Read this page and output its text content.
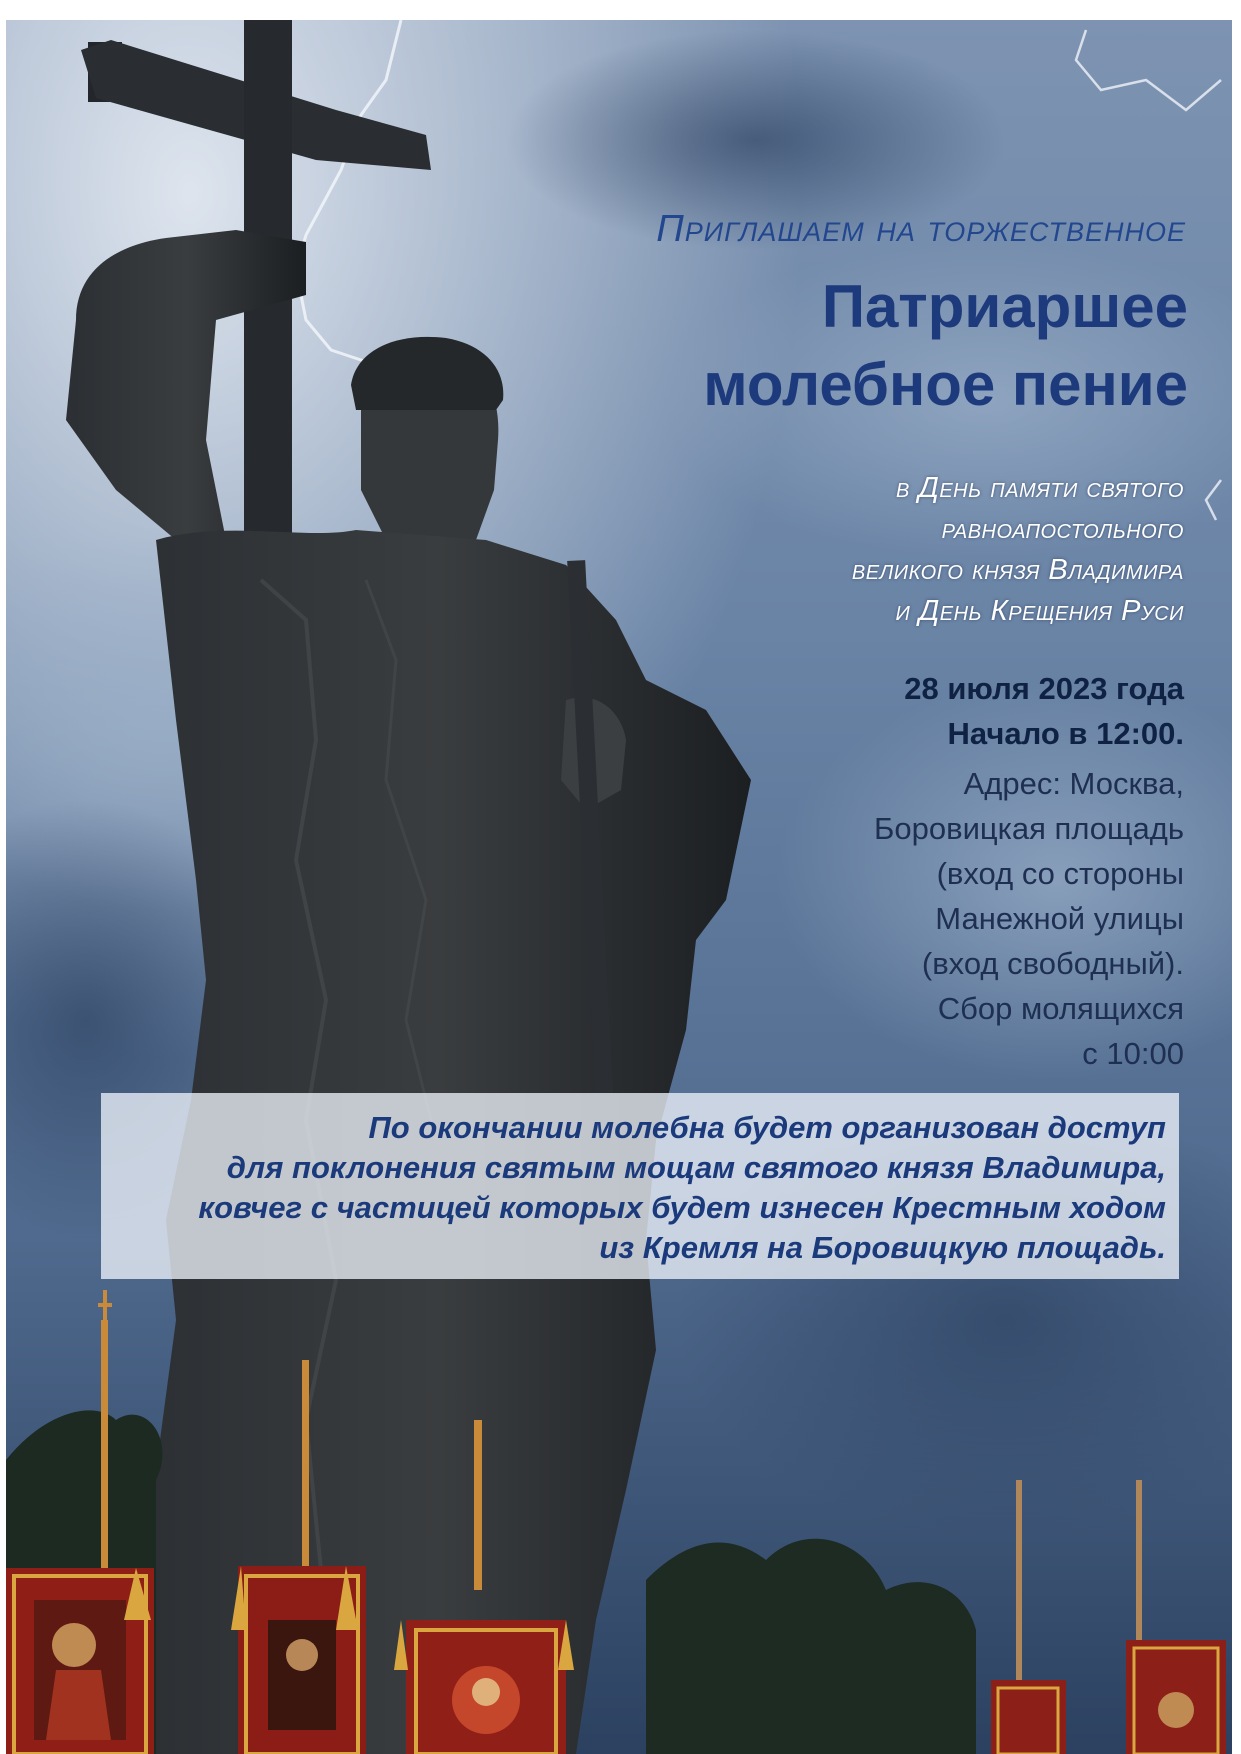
Приглашаем на торжественное
Патриаршее
молебное пение
в День памяти святого
равноапостольного
великого князя Владимира
и День Крещения Руси
28 июля 2023 года
Начало в 12:00.
Адрес: Москва,
Боровицкая площадь
(вход со стороны
Манежной улицы
(вход свободный).
Сбор молящихся
с 10:00
По окончании молебна будет организован доступ
для поклонения святым мощам святого князя Владимира,
ковчег с частицей которых будет изнесен Крестным ходом
из Кремля на Боровицкую площадь.
